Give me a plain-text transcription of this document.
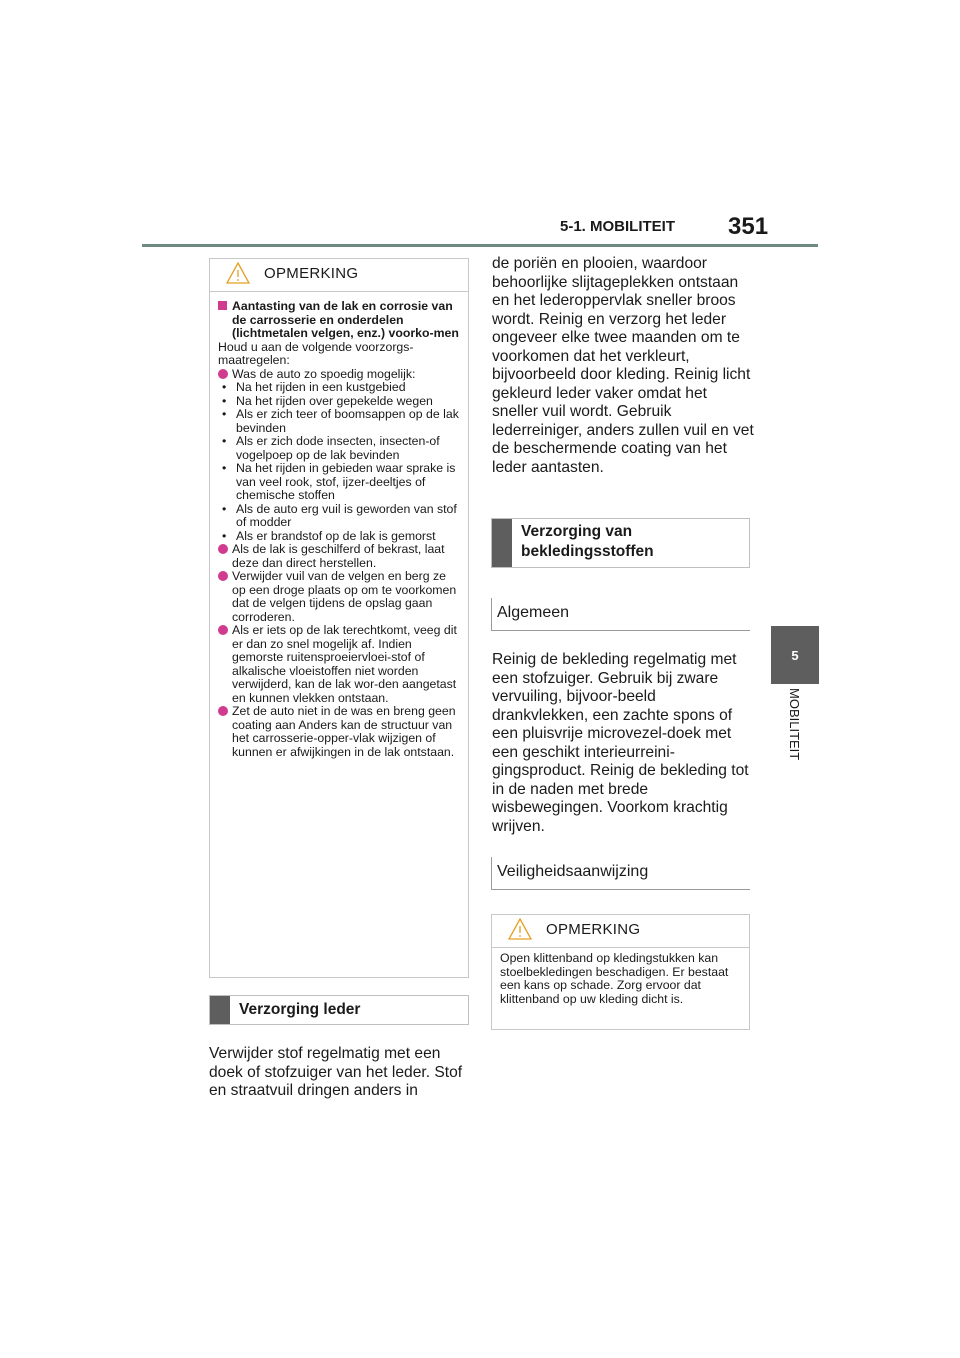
5-1. MOBILITEIT	351
5
MOBILITEIT
OPMERKING

Aantasting van de lak en corrosie van de carrosserie en onderdelen (lichtmetalen velgen, enz.) voorko-men

Houd u aan de volgende voorzorgs-maatregelen:

Was de auto zo spoedig mogelijk:

• Na het rijden in een kustgebied

• Na het rijden over gepekelde wegen

• Als er zich teer of boomsappen op de lak bevinden

• Als er zich dode insecten, insecten-of vogelpoep op de lak bevinden

• Na het rijden in gebieden waar sprake is van veel rook, stof, ijzer-deeltjes of chemische stoffen

• Als de auto erg vuil is geworden van stof of modder

• Als er brandstof op de lak is gemorst

Als de lak is geschilferd of bekrast, laat deze dan direct herstellen.

Verwijder vuil van de velgen en berg ze op een droge plaats op om te voorkomen dat de velgen tijdens de opslag gaan corroderen.

Als er iets op de lak terechtkomt, veeg dit er dan zo snel mogelijk af. Indien gemorste ruitensproeiervloei-stof of alkalische vloeistoffen niet worden verwijderd, kan de lak wor-den aangetast en kunnen vlekken ontstaan.

Zet de auto niet in de was en breng geen coating aan Anders kan de structuur van het carrosserie-opper-vlak wijzigen of kunnen er afwijkingen in de lak ontstaan.

Verzorging leder
Verwijder stof regelmatig met een doek of stofzuiger van het leder. Stof en straatvuil dringen anders in
de poriën en plooien, waardoor behoorlijke slijtageplekken ontstaan en het lederoppervlak sneller broos wordt. Reinig en verzorg het leder ongeveer elke twee maanden om te voorkomen dat het verkleurt, bijvoorbeeld door kleding. Reinig licht gekleurd leder vaker omdat het sneller vuil wordt. Gebruik lederreiniger, anders zullen vuil en vet de beschermende coating van het leder aantasten.
Verzorging van bekledingsstoffen
Algemeen
Reinig de bekleding regelmatig met een stofzuiger. Gebruik bij zware vervuiling, bijvoor-beeld drankvlekken, een zachte spons of een pluisvrije microvezel-doek met een geschikt interieurreini-gingsproduct. Reinig de bekleding tot in de naden met brede wisbewegingen. Voorkom krachtig wrijven.
Veiligheidsaanwijzing
OPMERKING

Open klittenband op kledingstukken kan stoelbekledingen beschadigen. Er bestaat een kans op schade. Zorg ervoor dat klittenband op uw kleding dicht is.
